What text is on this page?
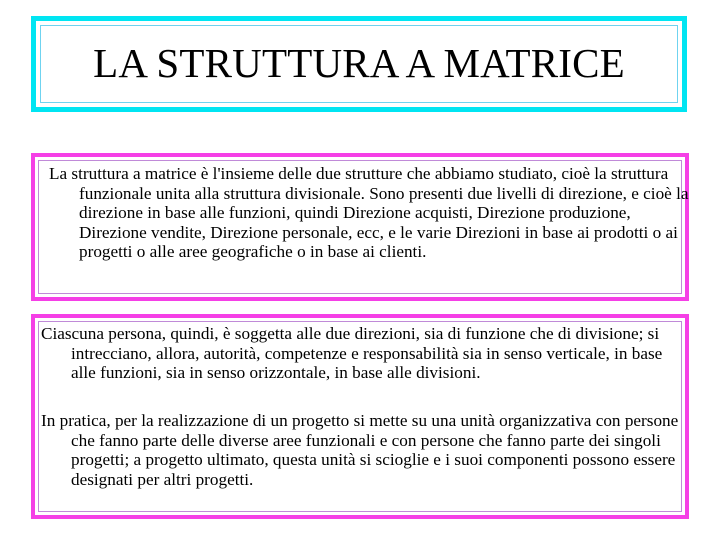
LA STRUTTURA A MATRICE

La struttura a matrice è l'insieme delle due strutture che abbiamo studiato, cioè la struttura funzionale unita alla struttura divisionale. Sono presenti due livelli di direzione, e cioè la direzione in base alle funzioni, quindi Direzione acquisti, Direzione produzione, Direzione vendite, Direzione personale, ecc, e le varie Direzioni in base ai prodotti o ai progetti o alle aree geografiche o in base ai clienti.

Ciascuna persona, quindi, è soggetta alle due direzioni, sia di funzione che di divisione; si intrecciano, allora, autorità, competenze e responsabilità sia in senso verticale, in base alle funzioni, sia in senso orizzontale, in base alle divisioni.

In pratica, per la realizzazione di un progetto si mette su una unità organizzativa con persone che fanno parte delle diverse aree funzionali e con persone che fanno parte dei singoli progetti; a progetto ultimato, questa unità si scioglie e i suoi componenti possono essere designati per altri progetti.
